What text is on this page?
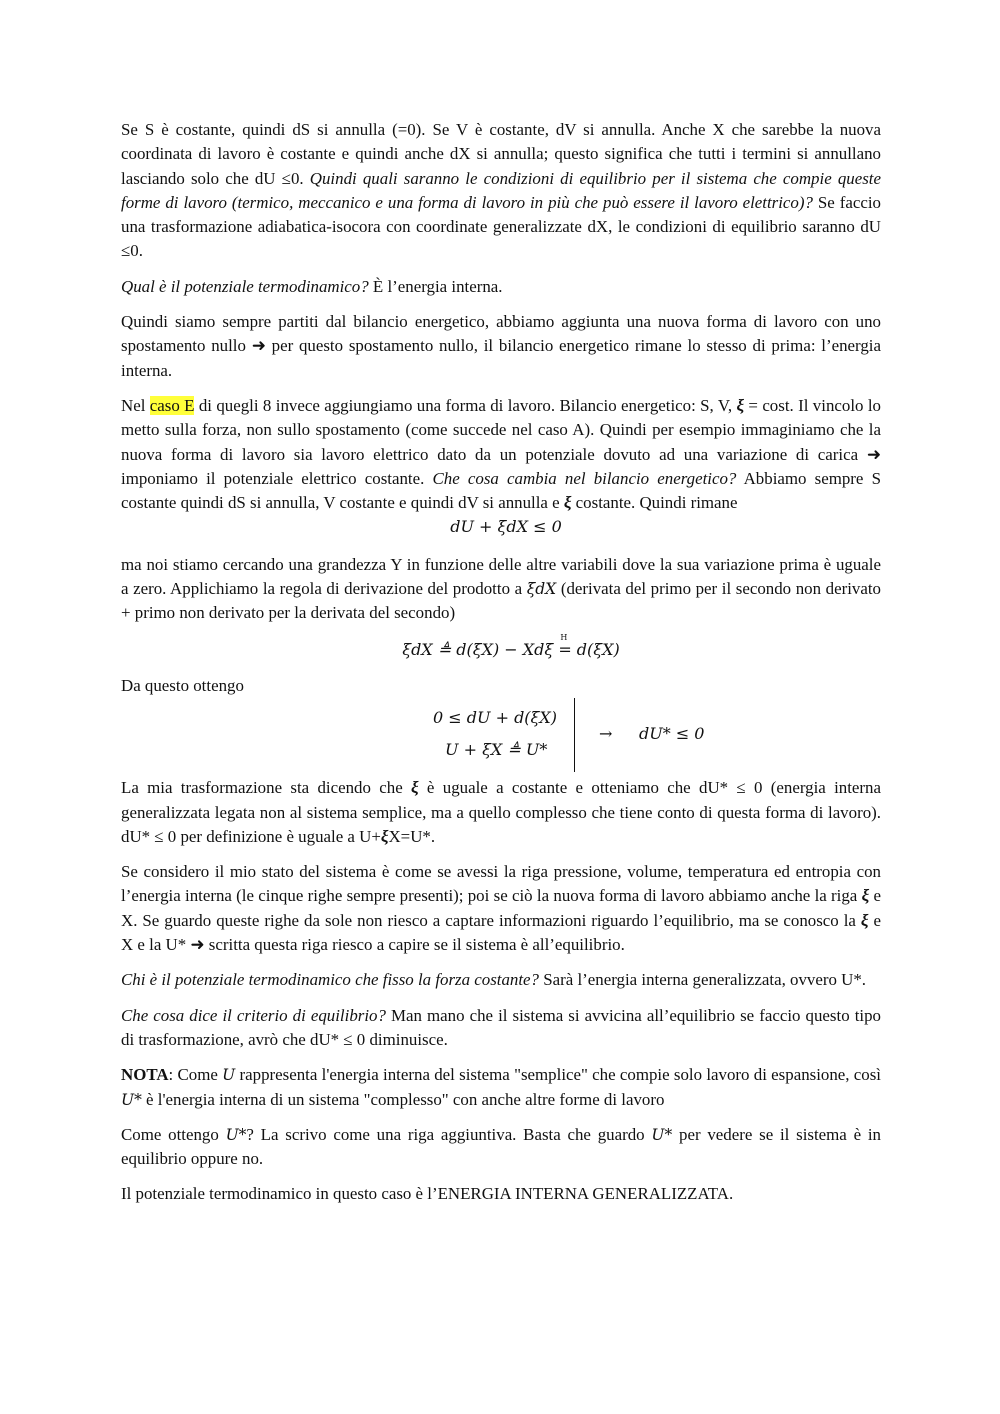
Se S è costante, quindi dS si annulla (=0). Se V è costante, dV si annulla. Anche X che sarebbe la nuova coordinata di lavoro è costante e quindi anche dX si annulla; questo significa che tutti i termini si annullano lasciando solo che dU ≤0. Quindi quali saranno le condizioni di equilibrio per il sistema che compie queste forme di lavoro (termico, meccanico e una forma di lavoro in più che può essere il lavoro elettrico)? Se faccio una trasformazione adiabatica-isocora con coordinate generalizzate dX, le condizioni di equilibrio saranno dU ≤0.

Qual è il potenziale termodinamico? È l’energia interna.

Quindi siamo sempre partiti dal bilancio energetico, abbiamo aggiunta una nuova forma di lavoro con uno spostamento nullo ➜ per questo spostamento nullo, il bilancio energetico rimane lo stesso di prima: l’energia interna.

Nel caso E di quegli 8 invece aggiungiamo una forma di lavoro. Bilancio energetico: S, V, ξ = cost. Il vincolo lo metto sulla forza, non sullo spostamento (come succede nel caso A). Quindi per esempio immaginiamo che la nuova forma di lavoro sia lavoro elettrico dato da un potenziale dovuto ad una variazione di carica ➜ imponiamo il potenziale elettrico costante. Che cosa cambia nel bilancio energetico? Abbiamo sempre S costante quindi dS si annulla, V costante e quindi dV si annulla e ξ costante. Quindi rimane

dU + ξdX ≤ 0

ma noi stiamo cercando una grandezza Y in funzione delle altre variabili dove la sua variazione prima è uguale a zero. Applichiamo la regola di derivazione del prodotto a ξdX (derivata del primo per il secondo non derivato + primo non derivato per la derivata del secondo)

ξdX ≜ d(ξX) − Xdξ
H
= d(ξX)

Da questo ottengo

0 ≤ dU + d(ξX)
U + ξX ≜ U*
→ dU* ≤ 0

La mia trasformazione sta dicendo che ξ è uguale a costante e otteniamo che dU* ≤ 0 (energia interna generalizzata legata non al sistema semplice, ma a quello complesso che tiene conto di questa forma di lavoro). dU* ≤ 0 per definizione è uguale a U+ξX=U*.

Se considero il mio stato del sistema è come se avessi la riga pressione, volume, temperatura ed entropia con l’energia interna (le cinque righe sempre presenti); poi se ciò la nuova forma di lavoro abbiamo anche la riga ξ e X. Se guardo queste righe da sole non riesco a captare informazioni riguardo l’equilibrio, ma se conosco la ξ e X e la U* ➜ scritta questa riga riesco a capire se il sistema è all’equilibrio.

Chi è il potenziale termodinamico che fisso la forza costante? Sarà l’energia interna generalizzata, ovvero U*.

Che cosa dice il criterio di equilibrio? Man mano che il sistema si avvicina all’equilibrio se faccio questo tipo di trasformazione, avrò che dU* ≤ 0 diminuisce.

NOTA: Come U rappresenta l'energia interna del sistema "semplice" che compie solo lavoro di espansione, così U* è l'energia interna di un sistema "complesso" con anche altre forme di lavoro

Come ottengo U*? La scrivo come una riga aggiuntiva. Basta che guardo U* per vedere se il sistema è in equilibrio oppure no.

Il potenziale termodinamico in questo caso è l’ENERGIA INTERNA GENERALIZZATA.
